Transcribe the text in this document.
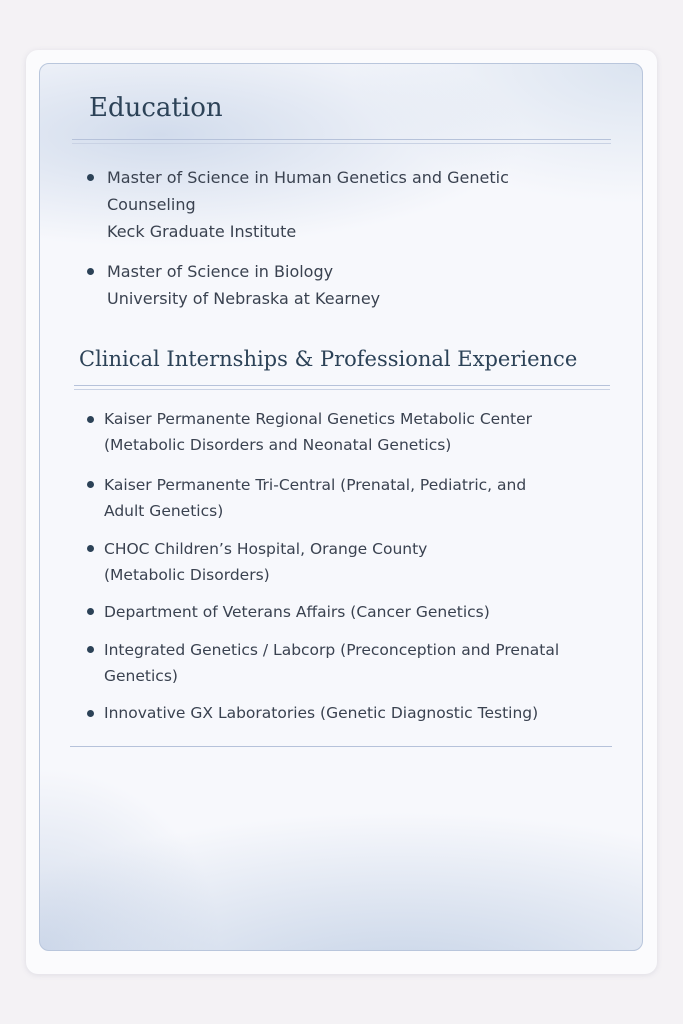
Education
Master of Science in Human Genetics and Genetic
Counseling
Keck Graduate Institute
Master of Science in Biology
University of Nebraska at Kearney
Clinical Internships & Professional Experience
Kaiser Permanente Regional Genetics Metabolic Center
(Metabolic Disorders and Neonatal Genetics)
Kaiser Permanente Tri-Central (Prenatal, Pediatric, and
Adult Genetics)
CHOC Children’s Hospital, Orange County
(Metabolic Disorders)
Department of Veterans Affairs (Cancer Genetics)
Integrated Genetics / Labcorp (Preconception and Prenatal
Genetics)
Innovative GX Laboratories (Genetic Diagnostic Testing)
